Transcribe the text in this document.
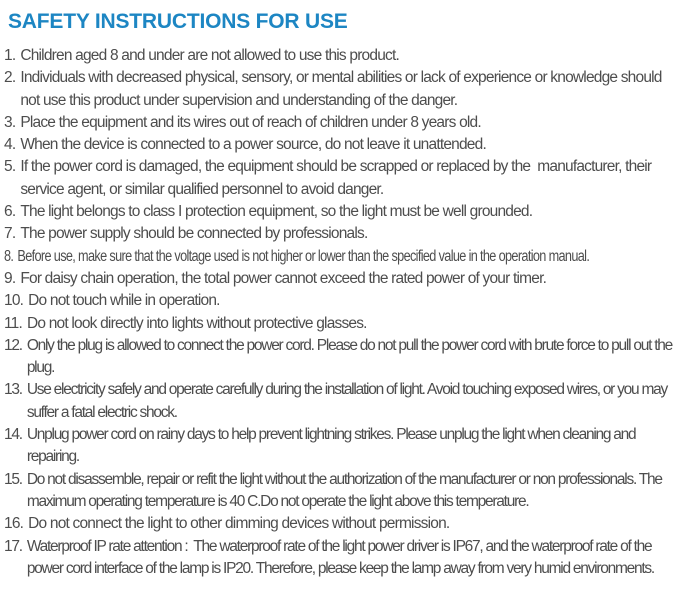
SAFETY INSTRUCTIONS FOR USE
1. Children aged 8 and under are not allowed to use this product.
2. Individuals with decreased physical, sensory, or mental abilities or lack of experience or knowledge should not use this product under supervision and understanding of the danger.
3. Place the equipment and its wires out of reach of children under 8 years old.
4. When the device is connected to a power source, do not leave it unattended.
5. If the power cord is damaged, the equipment should be scrapped or replaced by the  manufacturer, their service agent, or similar qualified personnel to avoid danger.
6. The light belongs to class I protection equipment, so the light must be well grounded.
7. The power supply should be connected by professionals.
8. Before use, make sure that the voltage used is not higher or lower than the specified value in the operation manual.
9. For daisy chain operation, the total power cannot exceed the rated power of your timer.
10. Do not touch while in operation.
11. Do not look directly into lights without protective glasses.
12. Only the plug is allowed to connect the power cord. Please do not pull the power cord with brute force to pull out the plug.
13. Use electricity safely and operate carefully during the installation of light. Avoid touching exposed wires, or you may suffer a fatal electric shock.
14. Unplug power cord on rainy days to help prevent lightning strikes. Please unplug the light when cleaning and repairing.
15. Do not disassemble, repair or refit the light without the authorization of the manufacturer or non professionals. The maximum operating temperature is 40 C.Do not operate the light above this temperature.
16. Do not connect the light to other dimming devices without permission.
17. Waterproof IP rate attention :  The waterproof rate of the light power driver is IP67, and the waterproof rate of the power cord interface of the lamp is IP20. Therefore, please keep the lamp away from very humid environments.
